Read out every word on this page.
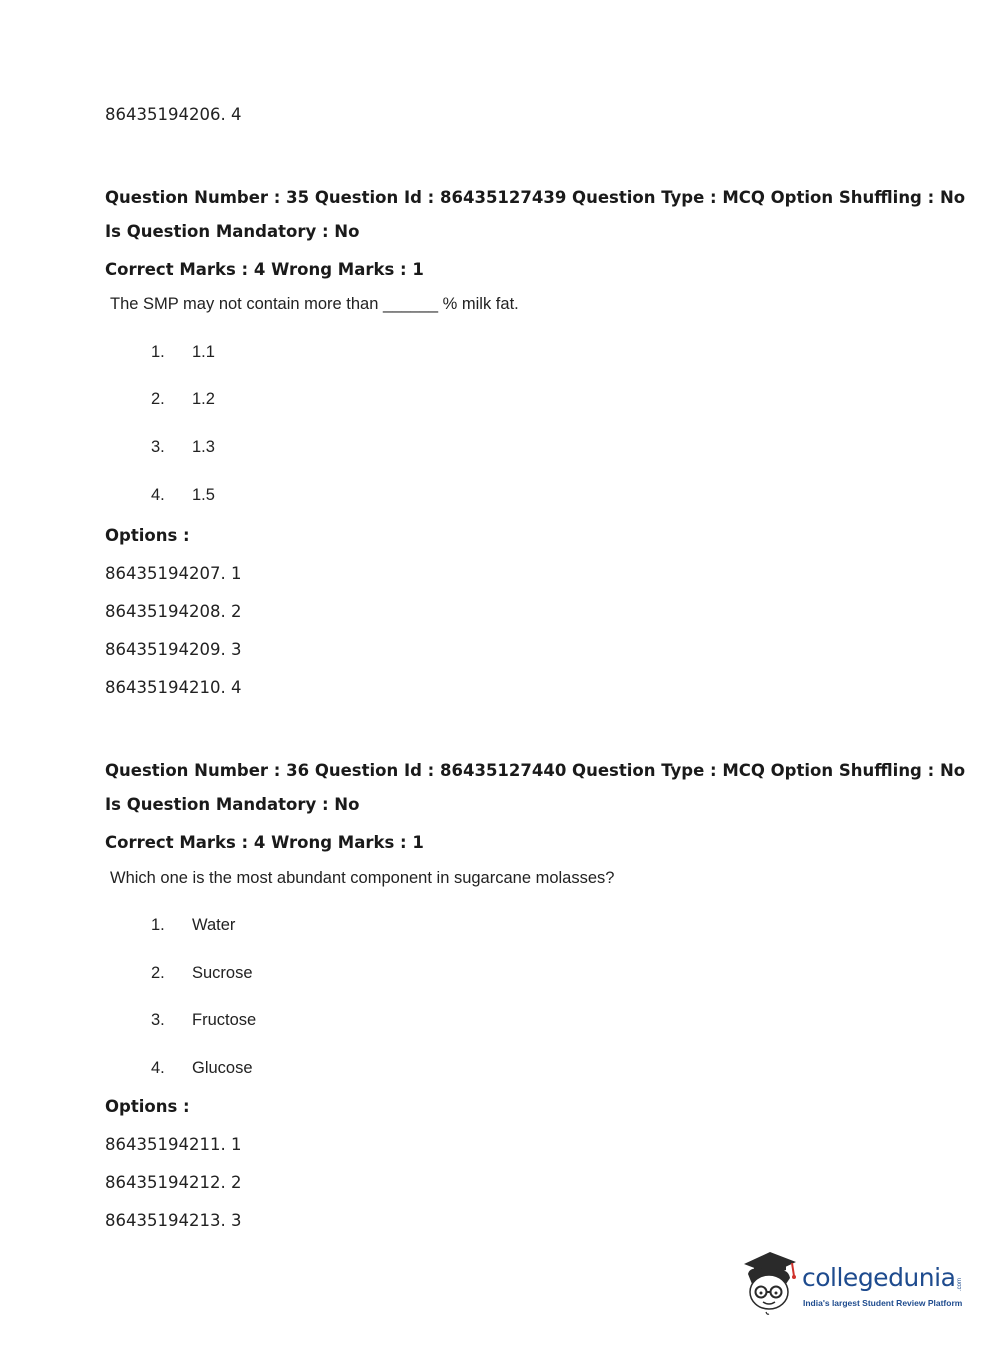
86435194206. 4
Question Number : 35 Question Id : 86435127439 Question Type : MCQ Option Shuffling : No
Is Question Mandatory : No
Correct Marks : 4 Wrong Marks : 1
The SMP may not contain more than ______ % milk fat.
1. 1.1
2. 1.2
3. 1.3
4. 1.5
Options :
86435194207. 1
86435194208. 2
86435194209. 3
86435194210. 4
Question Number : 36 Question Id : 86435127440 Question Type : MCQ Option Shuffling : No
Is Question Mandatory : No
Correct Marks : 4 Wrong Marks : 1
Which one is the most abundant component in sugarcane molasses?
1. Water
2. Sucrose
3. Fructose
4. Glucose
Options :
86435194211. 1
86435194212. 2
86435194213. 3
collegedunia .com
India's largest Student Review Platform
